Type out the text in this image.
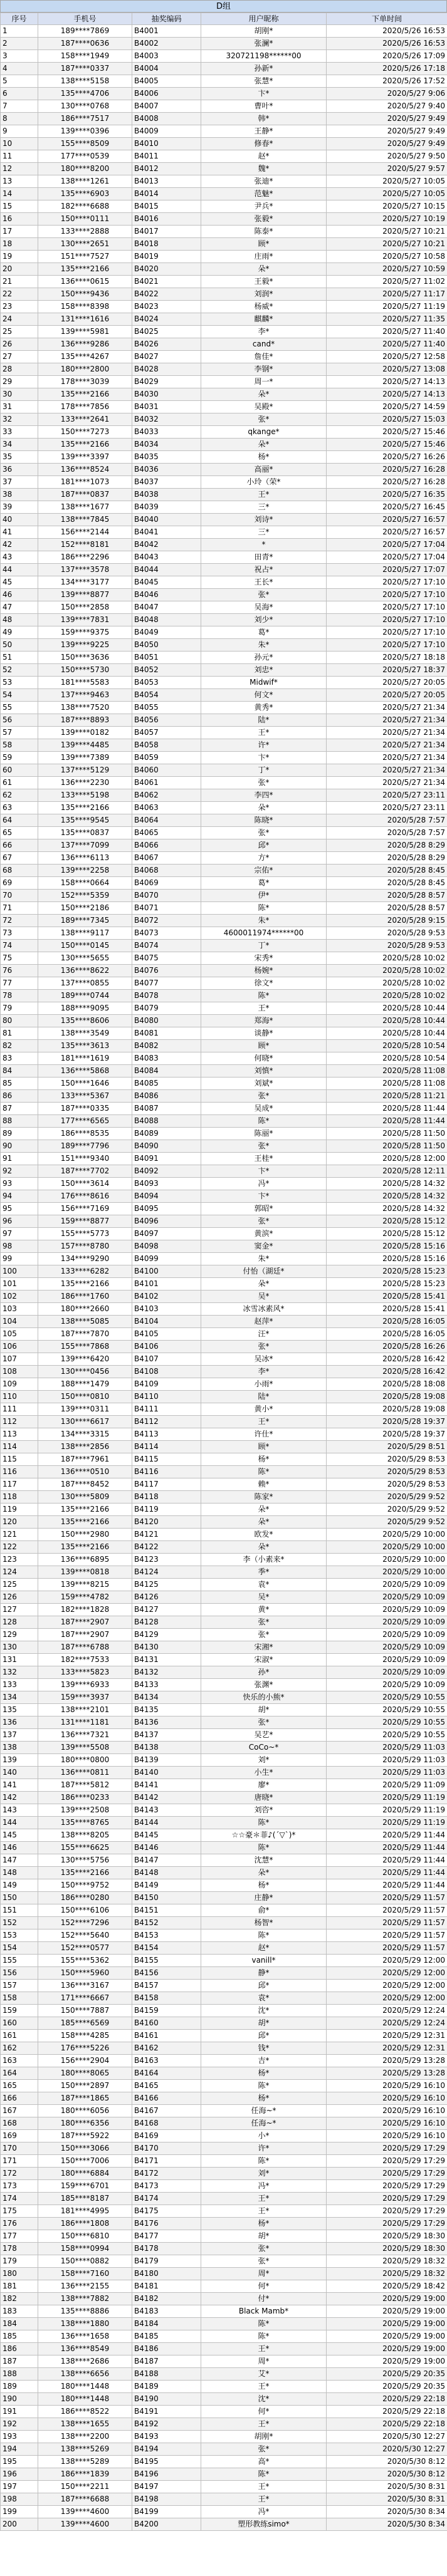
D组
序号	手机号	抽奖编码	用户昵称	下单时间
1	189****7869	B4001	胡刚*	2020/5/26 16:53
2	187****0636	B4002	张澜*	2020/5/26 16:53
3	158****1949	B4003	320721198******00	2020/5/26 17:09
4	187****0337	B4004	孙新*	2020/5/26 17:18
5	138****5158	B4005	张慧*	2020/5/26 17:52
6	135****4706	B4006	卞*	2020/5/27 9:06
7	130****0768	B4007	曹叶*	2020/5/27 9:40
8	186****7517	B4008	韩*	2020/5/27 9:49
9	139****0396	B4009	王静*	2020/5/27 9:49
10	155****8509	B4010	修春*	2020/5/27 9:49
11	177****0539	B4011	赵*	2020/5/27 9:50
12	180****8200	B4012	魏*	2020/5/27 9:57
13	138****1261	B4013	张迪*	2020/5/27 10:05
14	135****6903	B4014	范魅*	2020/5/27 10:05
15	182****6688	B4015	尹兵*	2020/5/27 10:15
16	150****0111	B4016	张毅*	2020/5/27 10:19
17	133****2888	B4017	陈泰*	2020/5/27 10:21
18	130****2651	B4018	顾*	2020/5/27 10:21
19	151****7527	B4019	庄雨*	2020/5/27 10:58
20	135****2166	B4020	朵*	2020/5/27 10:59
21	136****0615	B4021	王毅*	2020/5/27 11:02
22	150****9436	B4022	刘润*	2020/5/27 11:17
23	158****8398	B4023	杨威*	2020/5/27 11:19
24	131****1616	B4024	麒麟*	2020/5/27 11:35
25	139****5981	B4025	李*	2020/5/27 11:40
26	136****9286	B4026	cand*	2020/5/27 11:40
27	135****4267	B4027	詹佳*	2020/5/27 12:58
28	180****2800	B4028	李钢*	2020/5/27 13:08
29	178****3039	B4029	周一*	2020/5/27 14:13
30	135****2166	B4030	朵*	2020/5/27 14:13
31	178****7856	B4031	吴殿*	2020/5/27 14:59
32	133****2641	B4032	张*	2020/5/27 15:03
33	150****7273	B4033	qkange*	2020/5/27 15:46
34	135****2166	B4034	朵*	2020/5/27 15:46
35	139****3397	B4035	杨*	2020/5/27 16:26
36	136****8524	B4036	高丽*	2020/5/27 16:28
37	181****1073	B4037	小玲（荣*	2020/5/27 16:28
38	187****0837	B4038	王*	2020/5/27 16:35
39	138****1677	B4039	三*	2020/5/27 16:45
40	138****7845	B4040	刘诗*	2020/5/27 16:57
41	156****2144	B4041	三*	2020/5/27 16:57
42	152****8181	B4042	*	2020/5/27 17:04
43	186****2296	B4043	田青*	2020/5/27 17:04
44	137****3578	B4044	祝占*	2020/5/27 17:07
45	134****3177	B4045	王长*	2020/5/27 17:10
46	139****8877	B4046	张*	2020/5/27 17:10
47	150****2858	B4047	吴海*	2020/5/27 17:10
48	139****7831	B4048	刘少*	2020/5/27 17:10
49	159****9375	B4049	葛*	2020/5/27 17:10
50	139****9225	B4050	朱*	2020/5/27 17:10
51	150****3636	B4051	孙元*	2020/5/27 18:18
52	150****5730	B4052	刘忠*	2020/5/27 18:37
53	181****5583	B4053	Midwif*	2020/5/27 20:05
54	137****9463	B4054	何文*	2020/5/27 20:05
55	138****7520	B4055	黄秀*	2020/5/27 21:34
56	187****8893	B4056	陆*	2020/5/27 21:34
57	139****0182	B4057	王*	2020/5/27 21:34
58	139****4485	B4058	许*	2020/5/27 21:34
59	139****7389	B4059	卞*	2020/5/27 21:34
60	137****5129	B4060	丁*	2020/5/27 21:34
61	136****2230	B4061	张*	2020/5/27 21:34
62	133****5198	B4062	李四*	2020/5/27 23:11
63	135****2166	B4063	朵*	2020/5/27 23:11
64	135****9545	B4064	陈晓*	2020/5/28 7:57
65	135****0837	B4065	张*	2020/5/28 7:57
66	137****7099	B4066	邱*	2020/5/28 8:29
67	136****6113	B4067	方*	2020/5/28 8:29
68	139****2258	B4068	宗佑*	2020/5/28 8:45
69	158****0664	B4069	葛*	2020/5/28 8:45
70	152****5359	B4070	伊*	2020/5/28 8:57
71	150****2186	B4071	陈*	2020/5/28 8:57
72	189****7345	B4072	朱*	2020/5/28 9:15
73	138****9117	B4073	4600011974******00	2020/5/28 9:53
74	150****0145	B4074	丁*	2020/5/28 9:53
75	130****5655	B4075	宋秀*	2020/5/28 10:02
76	136****8622	B4076	杨婉*	2020/5/28 10:02
77	137****0855	B4077	徐文*	2020/5/28 10:02
78	189****0744	B4078	陈*	2020/5/28 10:02
79	188****9095	B4079	王*	2020/5/28 10:44
80	135****8606	B4080	郑海*	2020/5/28 10:44
81	138****3549	B4081	谈静*	2020/5/28 10:44
82	135****3613	B4082	顾*	2020/5/28 10:54
83	181****1619	B4083	何晓*	2020/5/28 10:54
84	136****5868	B4084	刘慎*	2020/5/28 11:08
85	150****1646	B4085	刘斌*	2020/5/28 11:08
86	133****5367	B4086	张*	2020/5/28 11:21
87	187****0335	B4087	吴成*	2020/5/28 11:44
88	177****6565	B4088	陈*	2020/5/28 11:44
89	186****8535	B4089	陈丽*	2020/5/28 11:50
90	189****7796	B4090	张*	2020/5/28 11:50
91	151****9340	B4091	王桂*	2020/5/28 12:00
92	187****7702	B4092	卞*	2020/5/28 12:11
93	150****3614	B4093	冯*	2020/5/28 14:32
94	176****8616	B4094	卞*	2020/5/28 14:32
95	156****7169	B4095	郭昭*	2020/5/28 14:32
96	159****8877	B4096	张*	2020/5/28 15:12
97	155****5773	B4097	黄滨*	2020/5/28 15:12
98	157****8780	B4098	窦金*	2020/5/28 15:16
99	134****9290	B4099	朱*	2020/5/28 15:16
100	133****6282	B4100	付怡（湖廷*	2020/5/28 15:23
101	135****2166	B4101	朵*	2020/5/28 15:23
102	186****1760	B4102	吴*	2020/5/28 15:41
103	180****2660	B4103	冰雪冰素风*	2020/5/28 15:41
104	138****5085	B4104	赵萍*	2020/5/28 16:05
105	187****7870	B4105	汪*	2020/5/28 16:05
106	155****7868	B4106	张*	2020/5/28 16:26
107	139****6420	B4107	吴冰*	2020/5/28 16:42
108	130****0456	B4108	李*	2020/5/28 16:42
109	188****1479	B4109	小雨*	2020/5/28 18:08
110	150****0810	B4110	陆*	2020/5/28 19:08
111	139****0311	B4111	黄小*	2020/5/28 19:08
112	130****6617	B4112	王*	2020/5/28 19:37
113	134****3315	B4113	许仕*	2020/5/28 19:37
114	138****2856	B4114	顾*	2020/5/29 8:51
115	187****7961	B4115	杨*	2020/5/29 8:53
116	136****0510	B4116	陈*	2020/5/29 8:53
117	187****8452	B4117	赖*	2020/5/29 8:53
118	130****5809	B4118	陈家*	2020/5/29 9:52
119	135****2166	B4119	朵*	2020/5/29 9:52
120	135****2166	B4120	朵*	2020/5/29 9:52
121	150****2980	B4121	欧发*	2020/5/29 10:00
122	135****2166	B4122	朵*	2020/5/29 10:00
123	136****6895	B4123	李（小素来*	2020/5/29 10:00
124	139****0818	B4124	季*	2020/5/29 10:00
125	139****8215	B4125	袁*	2020/5/29 10:09
126	159****4782	B4126	吴*	2020/5/29 10:09
127	182****1828	B4127	黄*	2020/5/29 10:09
128	187****2907	B4128	张*	2020/5/29 10:09
129	187****2907	B4129	张*	2020/5/29 10:09
130	187****6788	B4130	宋湘*	2020/5/29 10:09
131	182****7533	B4131	宋淑*	2020/5/29 10:09
132	133****5823	B4132	孙*	2020/5/29 10:09
133	139****6933	B4133	张渊*	2020/5/29 10:09
134	159****3937	B4134	快乐的小熊*	2020/5/29 10:55
135	138****2101	B4135	胡*	2020/5/29 10:55
136	131****1181	B4136	张*	2020/5/29 10:55
137	136****7321	B4137	吴艺*	2020/5/29 10:55
138	139****5508	B4138	CoCo~*	2020/5/29 11:03
139	180****0800	B4139	刘*	2020/5/29 11:03
140	136****0811	B4140	小生*	2020/5/29 11:03
141	187****5812	B4141	廖*	2020/5/29 11:09
142	186****0233	B4142	唐晓*	2020/5/29 11:19
143	139****2508	B4143	刘咨*	2020/5/29 11:19
144	135****8765	B4144	陈*	2020/5/29 11:19
145	138****8205	B4145	☆☆豪＊菲♪(´▽`)*	2020/5/29 11:44
146	155****6625	B4146	陈*	2020/5/29 11:44
147	130****5756	B4147	沈慧*	2020/5/29 11:44
148	135****2166	B4148	朵*	2020/5/29 11:44
149	150****9752	B4149	杨*	2020/5/29 11:44
150	186****0280	B4150	庄静*	2020/5/29 11:57
151	150****6106	B4151	俞*	2020/5/29 11:57
152	152****7296	B4152	杨智*	2020/5/29 11:57
153	152****5640	B4153	陈*	2020/5/29 11:57
154	152****0577	B4154	赵*	2020/5/29 11:57
155	155****5362	B4155	vanill*	2020/5/29 12:00
156	150****5960	B4156	静*	2020/5/29 12:00
157	136****3167	B4157	邱*	2020/5/29 12:00
158	171****6667	B4158	袁*	2020/5/29 12:00
159	150****7887	B4159	沈*	2020/5/29 12:24
160	185****6569	B4160	胡*	2020/5/29 12:24
161	158****4285	B4161	邱*	2020/5/29 12:31
162	176****5226	B4162	钱*	2020/5/29 12:31
163	156****2904	B4163	吉*	2020/5/29 13:28
164	180****8065	B4164	杨*	2020/5/29 13:28
165	150****2897	B4165	陈*	2020/5/29 16:10
166	187****1865	B4166	杨*	2020/5/29 16:10
167	180****6056	B4167	任海~*	2020/5/29 16:10
168	180****6356	B4168	任海~*	2020/5/29 16:10
169	187****5922	B4169	小*	2020/5/29 16:10
170	150****3066	B4170	许*	2020/5/29 17:29
171	150****7006	B4171	陈*	2020/5/29 17:29
172	180****6884	B4172	刘*	2020/5/29 17:29
173	159****6701	B4173	冯*	2020/5/29 17:29
174	185****8187	B4174	王*	2020/5/29 17:29
175	181****4995	B4175	王*	2020/5/29 17:29
176	186****1808	B4176	杨*	2020/5/29 17:29
177	150****6810	B4177	胡*	2020/5/29 18:30
178	158****0994	B4178	张*	2020/5/29 18:30
179	150****0882	B4179	张*	2020/5/29 18:32
180	158****7160	B4180	周*	2020/5/29 18:32
181	136****2155	B4181	何*	2020/5/29 18:42
182	138****7882	B4182	付*	2020/5/29 19:00
183	135****8886	B4183	Black Mamb*	2020/5/29 19:00
184	138****1880	B4184	陈*	2020/5/29 19:00
185	136****1658	B4185	陈*	2020/5/29 19:00
186	136****8549	B4186	王*	2020/5/29 19:00
187	138****2686	B4187	周*	2020/5/29 19:00
188	138****6656	B4188	艾*	2020/5/29 20:35
189	180****1448	B4189	王*	2020/5/29 20:35
190	180****1448	B4190	沈*	2020/5/29 22:18
191	186****8522	B4191	何*	2020/5/29 22:18
192	138****1655	B4192	王*	2020/5/29 22:18
193	138****2200	B4193	胡刚*	2020/5/30 12:27
194	138****5269	B4194	张*	2020/5/30 12:27
195	138****5289	B4195	高*	2020/5/30 8:12
196	186****1839	B4196	陈*	2020/5/30 8:12
197	150****2211	B4197	王*	2020/5/30 8:31
198	187****6688	B4198	王*	2020/5/30 8:31
199	139****4600	B4199	冯*	2020/5/30 8:34
200	139****4600	B4200	塑形教练simo*	2020/5/30 8:34
